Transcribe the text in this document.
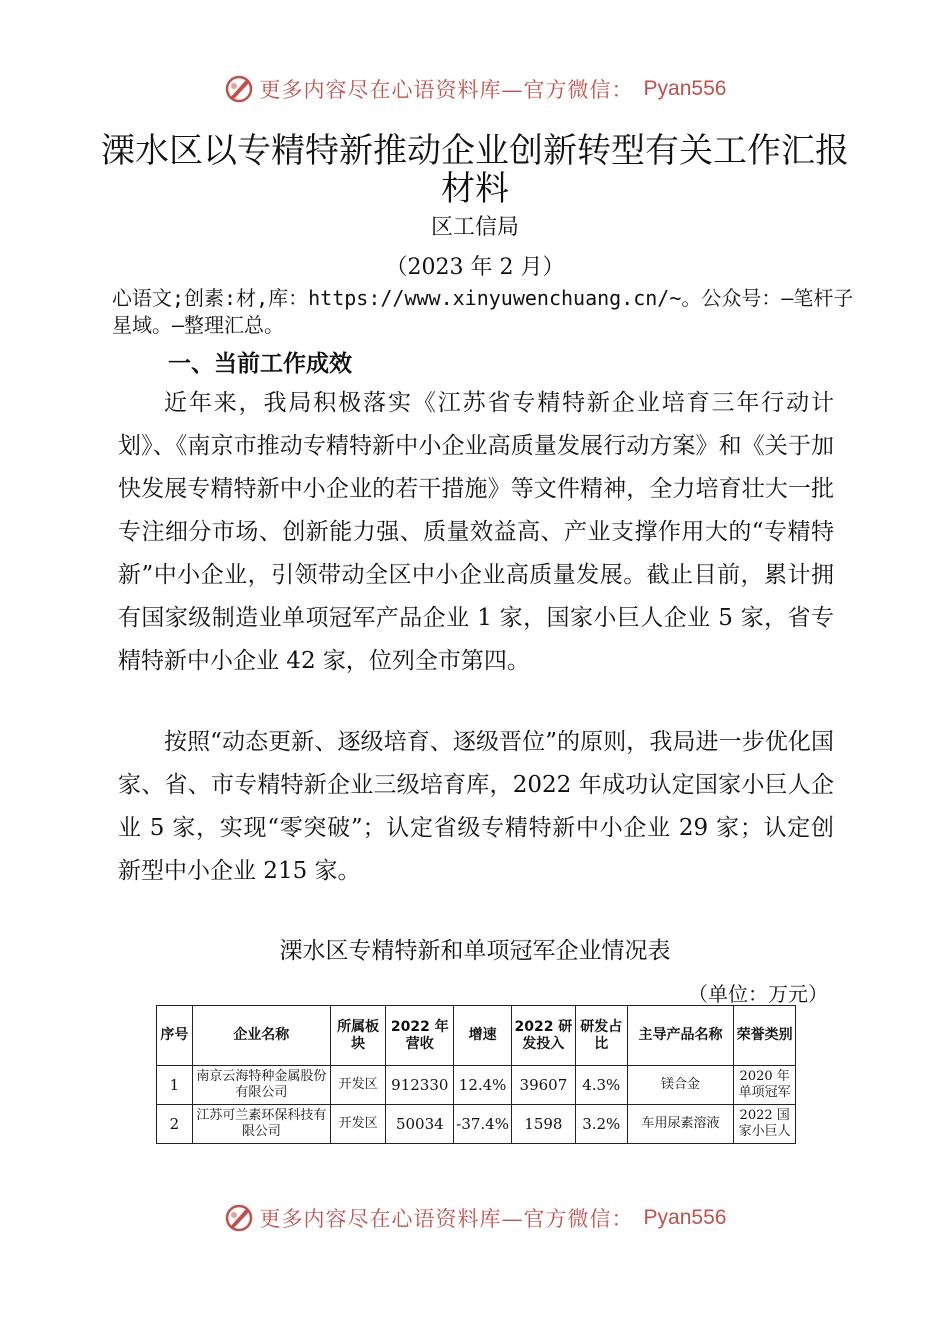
更多内容尽在心语资料库—官方微信： Pyan556
溧水区以专精特新推动企业创新转型有关工作汇报材料
区工信局
（2023 年 2 月）
心语文;创素:材,库：https://www.xinyuwenchuang.cn/~。公众号：—笔杆子星域。—整理汇总。
一、当前工作成效

近年来，我局积极落实《江苏省专精特新企业培育三年行动计划》、《南京市推动专精特新中小企业高质量发展行动方案》和《关于加快发展专精特新中小企业的若干措施》等文件精神，全力培育壮大一批专注细分市场、创新能力强、质量效益高、产业支撑作用大的“专精特新”中小企业，引领带动全区中小企业高质量发展。截止目前，累计拥有国家级制造业单项冠军产品企业 1 家，国家小巨人企业 5 家，省专精特新中小企业 42 家，位列全市第四。

按照“动态更新、逐级培育、逐级晋位”的原则，我局进一步优化国家、省、市专精特新企业三级培育库，2022 年成功认定国家小巨人企业 5 家，实现“零突破”；认定省级专精特新中小企业 29 家；认定创新型中小企业 215 家。

溧水区专精特新和单项冠军企业情况表
（单位：万元）
序号	企业名称	所属板块	2022 年营收	增速	2022 研发投入	研发占比	主导产品名称	荣誉类别
1	南京云海特种金属股份有限公司	开发区	912330	12.4%	39607	4.3%	镁合金	2020 年单项冠军
2	江苏可兰素环保科技有限公司	开发区	50034	-37.4%	1598	3.2%	车用尿素溶液	2022 国家小巨人
更多内容尽在心语资料库—官方微信： Pyan556
